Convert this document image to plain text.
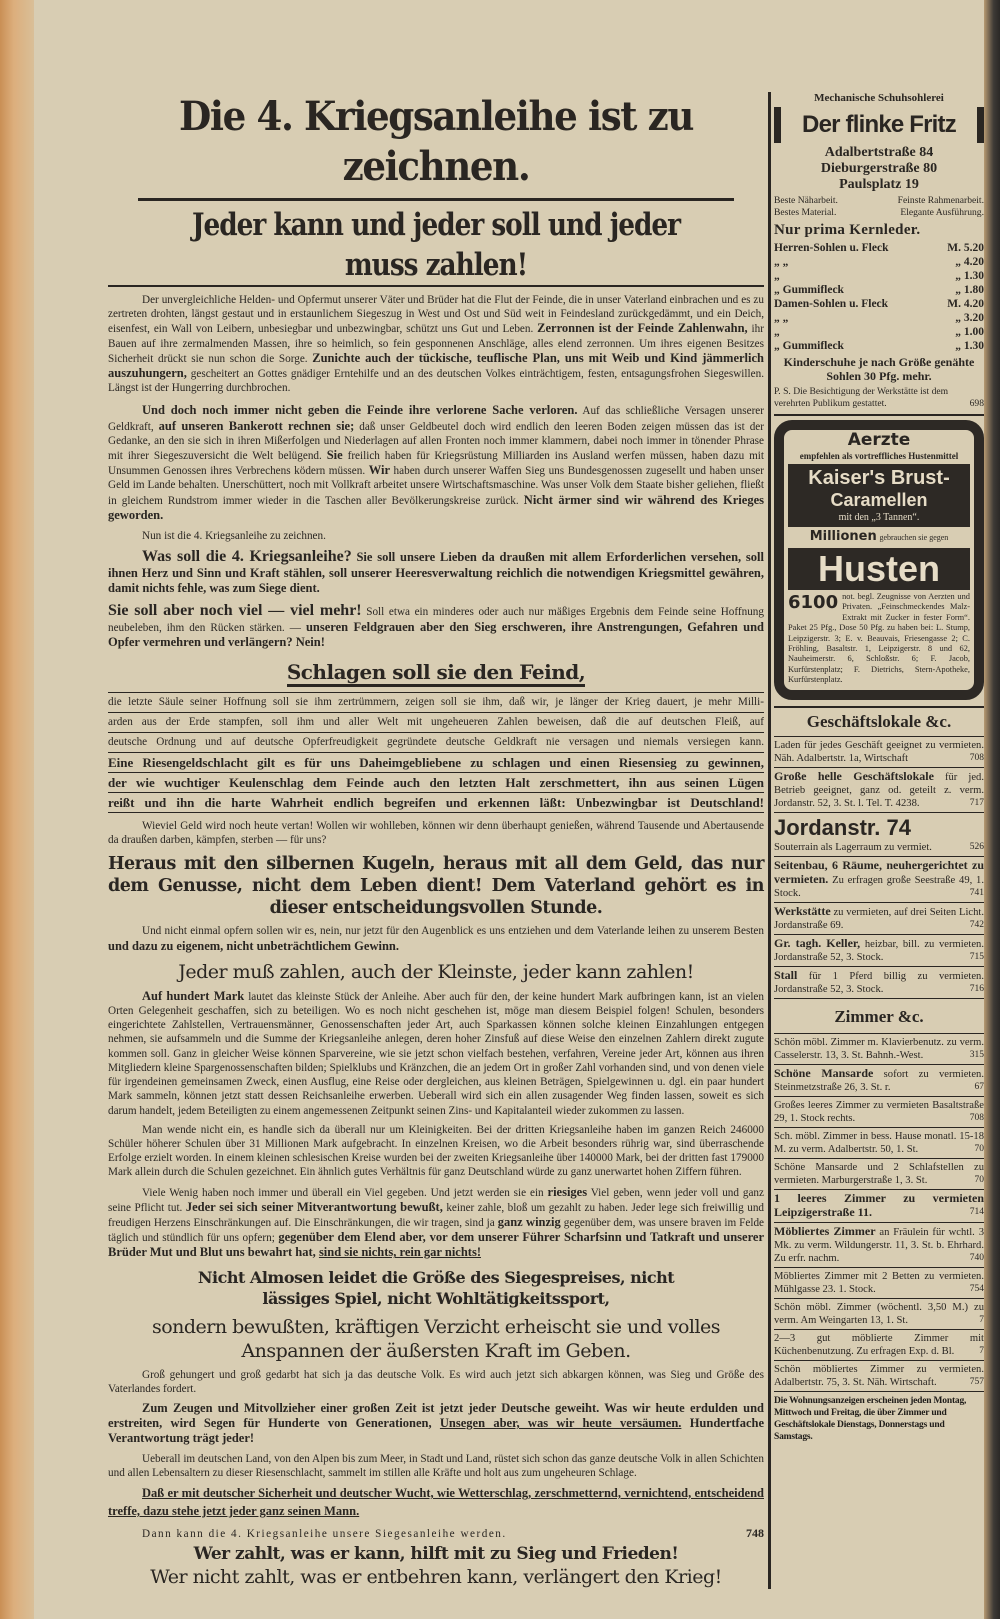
Die 4. Kriegsanleihe ist zu zeichnen.
Jeder kann und jeder soll und jeder muss zahlen!
Der unvergleichliche Helden- und Opfermut unserer Väter und Brüder hat die Flut der Feinde, die in unser Vaterland einbrachen und es zu zertreten drohten, längst gestaut und in erstaunlichem Siegeszug in West und Ost und Süd weit in Feindesland zurückgedämmt, und ein Deich, eisenfest, ein Wall von Leibern, unbesiegbar und unbezwingbar, schützt uns Gut und Leben. Zerronnen ist der Feinde Zahlenwahn, ihr Bauen auf ihre zermalmenden Massen, ihre so heimlich, so fein gesponnenen Anschläge, alles elend zerronnen. Um ihres eigenen Besitzes Sicherheit drückt sie nun schon die Sorge. Zunichte auch der tückische, teuflische Plan, uns mit Weib und Kind jämmerlich auszuhungern, gescheitert an Gottes gnädiger Erntehilfe und an des deutschen Volkes einträchtigem, festen, entsagungsfrohen Siegeswillen. Längst ist der Hungerring durchbrochen.
Und doch noch immer nicht geben die Feinde ihre verlorene Sache verloren. Auf das schließliche Versagen unserer Geldkraft, auf unseren Bankerott rechnen sie; daß unser Geldbeutel doch wird endlich den leeren Boden zeigen müssen das ist der Gedanke, an den sie sich in ihren Mißerfolgen und Niederlagen auf allen Fronten noch immer klammern, dabei noch immer in tönender Phrase mit ihrer Siegeszuversicht die Welt belügend. Sie freilich haben für Kriegsrüstung Milliarden ins Ausland werfen müssen, haben dazu mit Unsummen Genossen ihres Verbrechens ködern müssen. Wir haben durch unserer Waffen Sieg uns Bundesgenossen zugesellt und haben unser Geld im Lande behalten. Unerschüttert, noch mit Vollkraft arbeitet unsere Wirtschaftsmaschine. Was unser Volk dem Staate bisher geliehen, fließt in gleichem Rundstrom immer wieder in die Taschen aller Bevölkerungskreise zurück. Nicht ärmer sind wir während des Krieges geworden.
Nun ist die 4. Kriegsanleihe zu zeichnen.
Was soll die 4. Kriegsanleihe? Sie soll unsere Lieben da draußen mit allem Erforderlichen versehen, soll ihnen Herz und Sinn und Kraft stählen, soll unserer Heeresverwaltung reichlich die notwendigen Kriegsmittel gewähren, damit nichts fehle, was zum Siege dient.
Sie soll aber noch viel — viel mehr! Soll etwa ein minderes oder auch nur mäßiges Ergebnis dem Feinde seine Hoffnung neubeleben, ihm den Rücken stärken. — unseren Feldgrauen aber den Sieg erschweren, ihre Anstrengungen, Gefahren und Opfer vermehren und verlängern? Nein!
Schlagen soll sie den Feind,
die letzte Säule seiner Hoffnung soll sie ihm zertrümmern, zeigen soll sie ihm, daß wir, je länger der Krieg dauert, je mehr Milli-
arden aus der Erde stampfen, soll ihm und aller Welt mit ungeheueren Zahlen beweisen, daß die auf deutschen Fleiß, auf
deutsche Ordnung und auf deutsche Opferfreudigkeit gegründete deutsche Geldkraft nie versagen und niemals versiegen kann.
Eine Riesengeldschlacht gilt es für uns Daheimgebliebene zu schlagen und einen Riesensieg zu gewinnen,
der wie wuchtiger Keulenschlag dem Feinde auch den letzten Halt zerschmettert, ihn aus seinen Lügen
reißt und ihn die harte Wahrheit endlich begreifen und erkennen läßt: Unbezwingbar ist Deutschland!
Wieviel Geld wird noch heute vertan! Wollen wir wohlleben, können wir denn überhaupt genießen, während Tausende und Abertausende da draußen darben, kämpfen, sterben — für uns?
Heraus mit den silbernen Kugeln, heraus mit all dem Geld, das nur dem Genusse, nicht dem Leben dient! Dem Vaterland gehört es in dieser entscheidungsvollen Stunde.
Und nicht einmal opfern sollen wir es, nein, nur jetzt für den Augenblick es uns entziehen und dem Vaterlande leihen zu unserem Besten und dazu zu eigenem, nicht unbeträchtlichem Gewinn.
Jeder muß zahlen, auch der Kleinste, jeder kann zahlen!
Auf hundert Mark lautet das kleinste Stück der Anleihe. Aber auch für den, der keine hundert Mark aufbringen kann, ist an vielen Orten Gelegenheit geschaffen, sich zu beteiligen. Wo es noch nicht geschehen ist, möge man diesem Beispiel folgen! Schulen, besonders eingerichtete Zahlstellen, Vertrauensmänner, Genossenschaften jeder Art, auch Sparkassen können solche kleinen Einzahlungen entgegen nehmen, sie aufsammeln und die Summe der Kriegsanleihe anlegen, deren hoher Zinsfuß auf diese Weise den einzelnen Zahlern direkt zugute kommen soll. Ganz in gleicher Weise können Sparvereine, wie sie jetzt schon vielfach bestehen, verfahren, Vereine jeder Art, können aus ihren Mitgliedern kleine Spargenossenschaften bilden; Spielklubs und Kränzchen, die an jedem Ort in großer Zahl vorhanden sind, und von denen viele für irgendeinen gemeinsamen Zweck, einen Ausflug, eine Reise oder dergleichen, aus kleinen Beträgen, Spielgewinnen u. dgl. ein paar hundert Mark sammeln, können jetzt statt dessen Reichsanleihe erwerben. Ueberall wird sich ein allen zusagender Weg finden lassen, soweit es sich darum handelt, jedem Beteiligten zu einem angemessenen Zeitpunkt seinen Zins- und Kapitalanteil wieder zukommen zu lassen.
Man wende nicht ein, es handle sich da überall nur um Kleinigkeiten. Bei der dritten Kriegsanleihe haben im ganzen Reich 246000 Schüler höherer Schulen über 31 Millionen Mark aufgebracht. In einzelnen Kreisen, wo die Arbeit besonders rührig war, sind überraschende Erfolge erzielt worden. In einem kleinen schlesischen Kreise wurden bei der zweiten Kriegsanleihe über 140000 Mark, bei der dritten fast 179000 Mark allein durch die Schulen gezeichnet. Ein ähnlich gutes Verhältnis für ganz Deutschland würde zu ganz unerwartet hohen Ziffern führen.
Viele Wenig haben noch immer und überall ein Viel gegeben. Und jetzt werden sie ein riesiges Viel geben, wenn jeder voll und ganz seine Pflicht tut. Jeder sei sich seiner Mitverantwortung bewußt, keiner zahle, bloß um gezahlt zu haben. Jeder lege sich freiwillig und freudigen Herzens Einschränkungen auf. Die Einschränkungen, die wir tragen, sind ja ganz winzig gegenüber dem, was unsere braven im Felde täglich und stündlich für uns opfern; gegenüber dem Elend aber, vor dem unserer Führer Scharfsinn und Tatkraft und unserer Brüder Mut und Blut uns bewahrt hat, sind sie nichts, rein gar nichts!
Nicht Almosen leidet die Größe des Siegespreises, nicht lässiges Spiel, nicht Wohltätigkeitssport,
sondern bewußten, kräftigen Verzicht erheischt sie und volles Anspannen der äußersten Kraft im Geben.
Groß gehungert und groß gedarbt hat sich ja das deutsche Volk. Es wird auch jetzt sich abkargen können, was Sieg und Größe des Vaterlandes fordert.
Zum Zeugen und Mitvollzieher einer großen Zeit ist jetzt jeder Deutsche geweiht. Was wir heute erdulden und erstreiten, wird Segen für Hunderte von Generationen, Unsegen aber, was wir heute versäumen. Hundertfache Verantwortung trägt jeder!
Ueberall im deutschen Land, von den Alpen bis zum Meer, in Stadt und Land, rüstet sich schon das ganze deutsche Volk in allen Schichten und allen Lebensaltern zu dieser Riesenschlacht, sammelt im stillen alle Kräfte und holt aus zum ungeheuren Schlage.
Daß er mit deutscher Sicherheit und deutscher Wucht, wie Wetterschlag, zerschmetternd, vernichtend, entscheidend treffe, dazu stehe jetzt jeder ganz seinen Mann.
Dann kann die 4. Kriegsanleihe unsere Siegesanleihe werden.	748
Wer zahlt, was er kann, hilft mit zu Sieg und Frieden!
Wer nicht zahlt, was er entbehren kann, verlängert den Krieg!
Mechanische Schuhsohlerei
Der flinke Fritz
Adalbertstraße 84
Dieburgerstraße 80
Paulsplatz 19
Beste Näharbeit.	Feinste Rahmenarbeit.
Bestes Material.	Elegante Ausführung.
Nur prima Kernleder.
Herren-Sohlen u. Fleck	M. 5.20
„ „	„ 4.20
„	„ 1.30
„ Gummifleck	„ 1.80
Damen-Sohlen u. Fleck	M. 4.20
„ „	„ 3.20
„	„ 1.00
„ Gummifleck	„ 1.30
Kinderschuhe je nach Größe genähte Sohlen 30 Pfg. mehr.
P. S. Die Besichtigung der Werkstätte ist dem verehrten Publikum gestattet.	698
Aerzte
empfehlen als vortreffliches Hustenmittel
Kaiser's Brust-
Caramellen
mit den „3 Tannen“.
Millionen gebrauchen sie gegen
Husten
6100 not. begl. Zeugnisse von Aerzten und Privaten. „Feinschmeckendes Malz-Extrakt mit Zucker in fester Form“. Paket 25 Pfg., Dose 50 Pfg. zu haben bei: L. Stump, Leipzigerstr. 3; E. v. Beauvais, Friesengasse 2; C. Fröhling, Basaltstr. 1, Leipzigerstr. 8 und 62, Nauheimerstr. 6, Schloßstr. 6; F. Jacob, Kurfürstenplatz; F. Dietrichs, Stern-Apotheke, Kurfürstenplatz.
Geschäftslokale &c.
Laden für jedes Geschäft geeignet zu vermieten. Näh. Adalbertstr. 1a, Wirtschaft	708
Große helle Geschäftslokale für jed. Betrieb geeignet, ganz od. geteilt z. verm. Jordanstr. 52, 3. St. l. Tel. T. 4238.	717
Jordanstr. 74
Souterrain als Lagerraum zu vermiet.	526
Seitenbau, 6 Räume, neuhergerichtet zu vermieten. Zu erfragen große Seestraße 49, 1. Stock.	741
Werkstätte zu vermieten, auf drei Seiten Licht. Jordanstraße 69.	742
Gr. tagh. Keller, heizbar, bill. zu vermieten. Jordanstraße 52, 3. Stock.	715
Stall für 1 Pferd billig zu vermieten. Jordanstraße 52, 3. Stock.	716
Zimmer &c.
Schön möbl. Zimmer m. Klavierbenutz. zu verm. Casselerstr. 13, 3. St. Bahnh.-West.	315
Schöne Mansarde sofort zu vermieten. Steinmetzstraße 26, 3. St. r.	67
Großes leeres Zimmer zu vermieten Basaltstraße 29, 1. Stock rechts.	708
Sch. möbl. Zimmer in bess. Hause monatl. 15-18 M. zu verm. Adalbertstr. 50, 1. St.	70
Schöne Mansarde und 2 Schlafstellen zu vermieten. Marburgerstraße 1, 3. St.	70
1 leeres Zimmer zu vermieten Leipzigerstraße 11.	714
Möbliertes Zimmer an Fräulein für wchtl. 3 Mk. zu verm. Wildungerstr. 11, 3. St. b. Ehrhard. Zu erfr. nachm.	740
Möbliertes Zimmer mit 2 Betten zu vermieten. Mühlgasse 23. 1. Stock.	754
Schön möbl. Zimmer (wöchentl. 3,50 M.) zu verm. Am Weingarten 13, 1. St.	7
2—3 gut möblierte Zimmer mit Küchenbenutzung. Zu erfragen Exp. d. Bl.	7
Schön möbliertes Zimmer zu vermieten. Adalbertstr. 75, 3. St. Näh. Wirtschaft.	757
Die Wohnungsanzeigen erscheinen jeden Montag, Mittwoch und Freitag, die über Zimmer und Geschäftslokale Dienstags, Donnerstags und Samstags.
